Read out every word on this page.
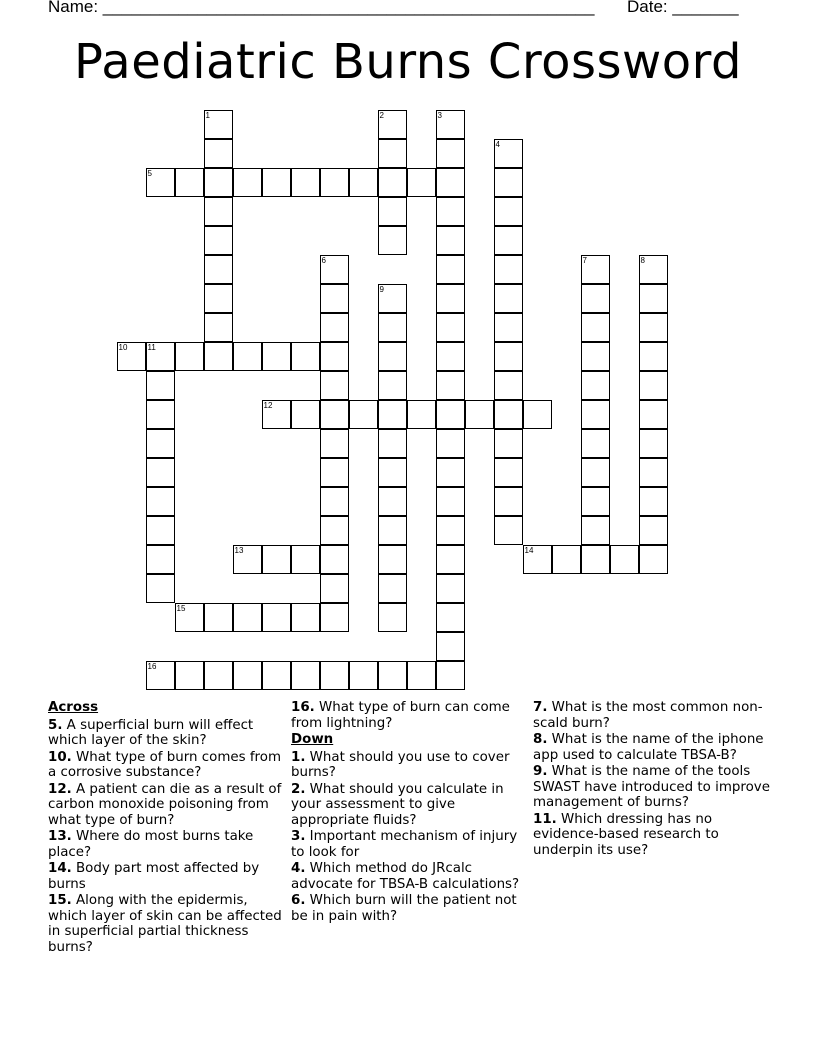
Name: ____________________________________________________ Date: _______
Paediatric Burns Crossword
1	2	3
4
5
6	7	8
9
10	11
12
13	14
15
16
Across

5. A superficial burn will effect which layer of the skin?

10. What type of burn comes from a corrosive substance?

12. A patient can die as a result of carbon monoxide poisoning from what type of burn?

13. Where do most burns take place?

14. Body part most affected by burns

15. Along with the epidermis, which layer of skin can be affected in superficial partial thickness burns?

16. What type of burn can come from lightning?

Down

1. What should you use to cover burns?

2. What should you calculate in your assessment to give appropriate fluids?

3. Important mechanism of injury to look for

4. Which method do JRcalc advocate for TBSA-B calculations?

6. Which burn will the patient not be in pain with?

7. What is the most common non-scald burn?

8. What is the name of the iphone app used to calculate TBSA-B?

9. What is the name of the tools SWAST have introduced to improve management of burns?

11. Which dressing has no evidence-based research to underpin its use?
